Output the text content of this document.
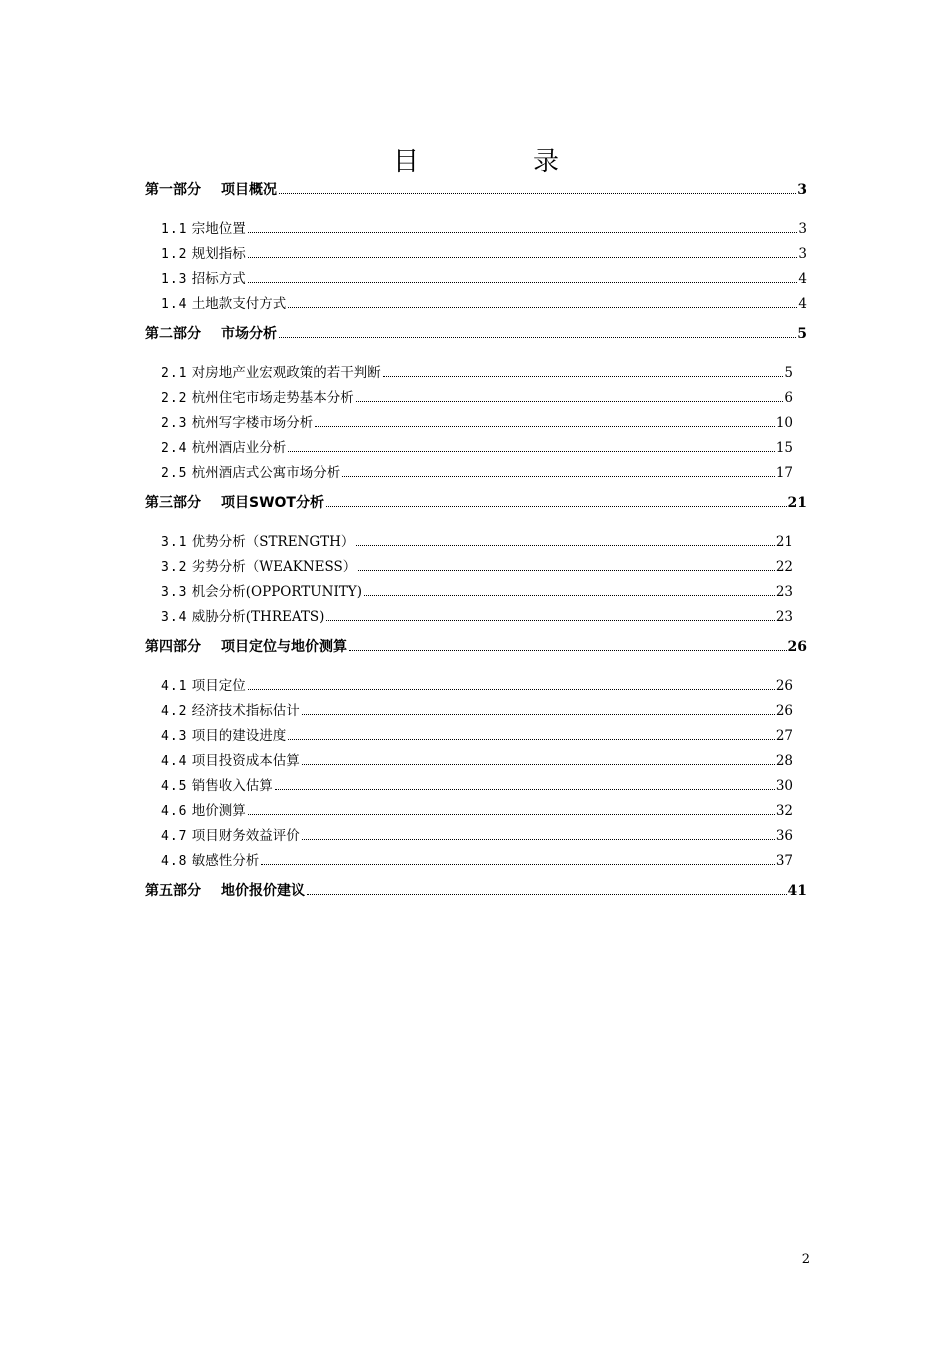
目　录
第一部分 项目概况	3
1.1 宗地位置	3
1.2 规划指标	3
1.3 招标方式	4
1.4 土地款支付方式	4
第二部分 市场分析	5
2.1 对房地产业宏观政策的若干判断	5
2.2 杭州住宅市场走势基本分析	6
2.3 杭州写字楼市场分析	10
2.4 杭州酒店业分析	15
2.5 杭州酒店式公寓市场分析	17
第三部分 项目SWOT分析	21
3.1 优势分析（STRENGTH）	21
3.2 劣势分析（WEAKNESS）	22
3.3 机会分析(OPPORTUNITY)	23
3.4 威胁分析(THREATS)	23
第四部分 项目定位与地价测算	26
4.1 项目定位	26
4.2 经济技术指标估计	26
4.3 项目的建设进度	27
4.4 项目投资成本估算	28
4.5 销售收入估算	30
4.6 地价测算	32
4.7 项目财务效益评价	36
4.8 敏感性分析	37
第五部分 地价报价建议	41
2
